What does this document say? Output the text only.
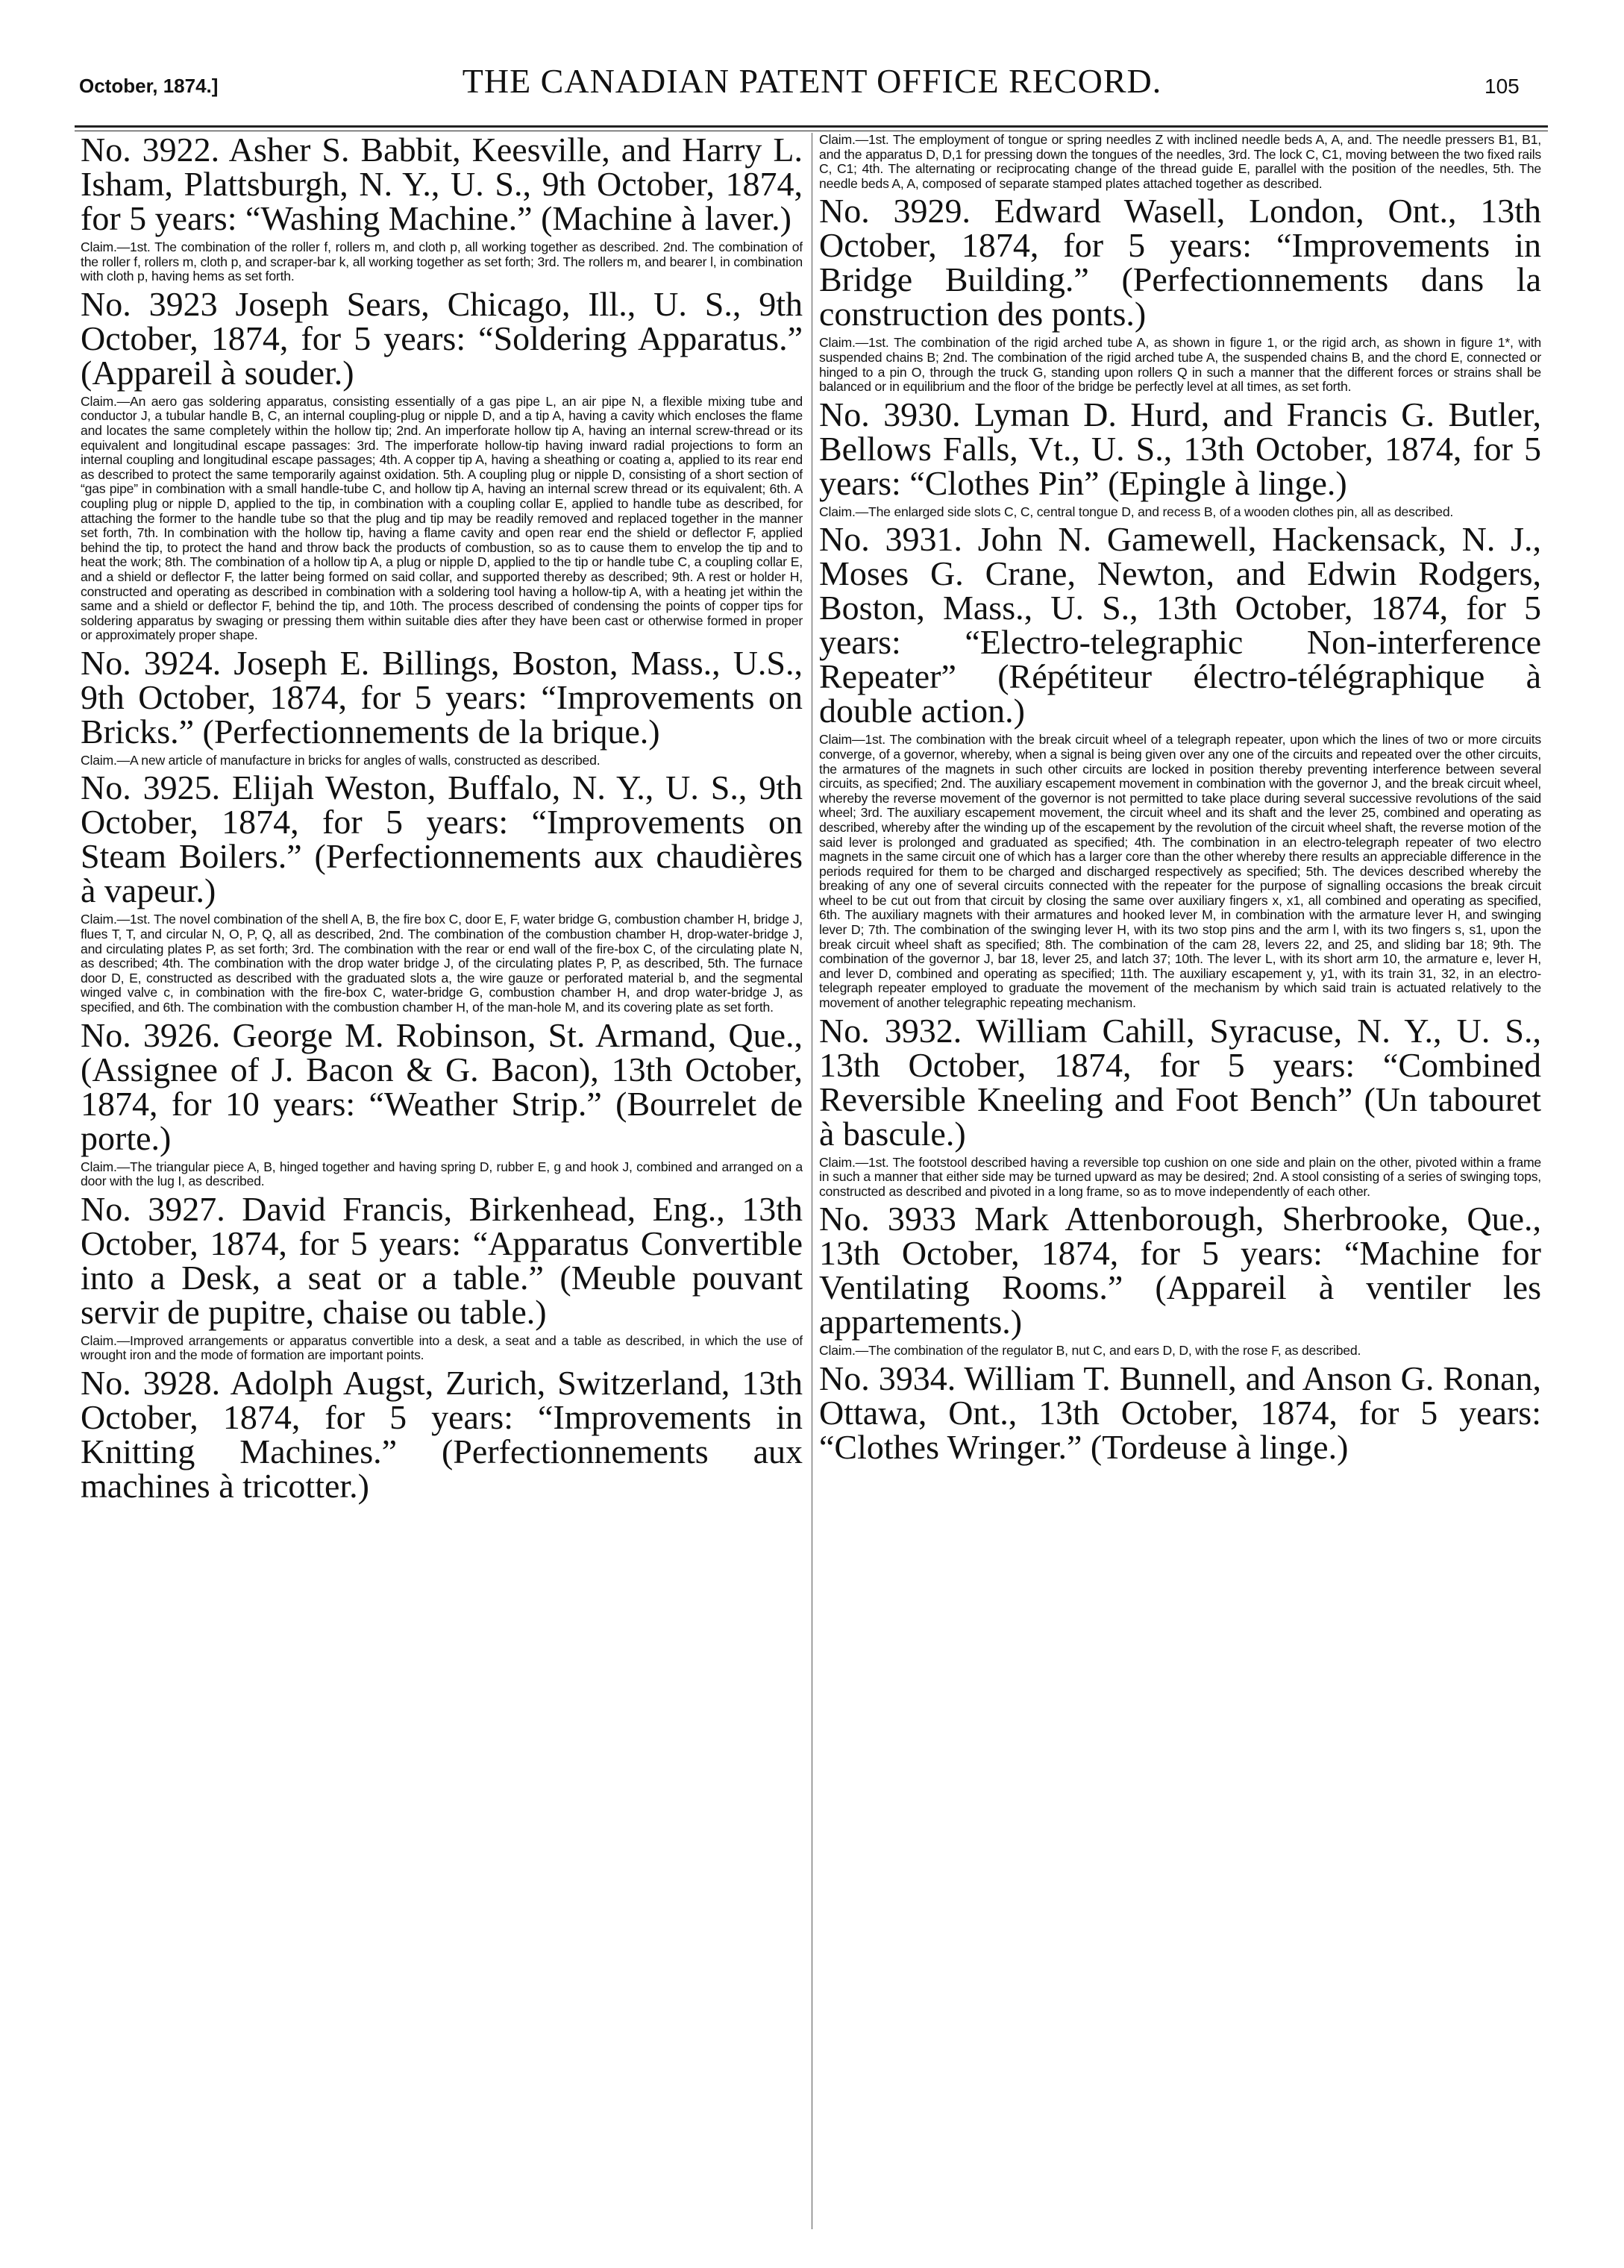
October, 1874.]	THE CANADIAN PATENT OFFICE RECORD.	105

No. 3922. Asher S. Babbit, Keesville, and Harry L. Isham, Plattsburgh, N. Y., U. S., 9th October, 1874, for 5 years: “Washing Machine.” (Machine à laver.)

Claim.—1st. The combination of the roller f, rollers m, and cloth p, all working together as described. 2nd. The combination of the roller f, rollers m, cloth p, and scraper-bar k, all working together as set forth; 3rd. The rollers m, and bearer l, in combination with cloth p, having hems as set forth.

No. 3923 Joseph Sears, Chicago, Ill., U. S., 9th October, 1874, for 5 years: “Soldering Apparatus.” (Appareil à souder.)

Claim.—An aero gas soldering apparatus, consisting essentially of a gas pipe L, an air pipe N, a flexible mixing tube and conductor J, a tubular handle B, C, an internal coupling-plug or nipple D, and a tip A, having a cavity which encloses the flame and locates the same completely within the hollow tip; 2nd. An imperforate hollow tip A, having an internal screw-thread or its equivalent and longitudinal escape passages: 3rd. The imperforate hollow-tip having inward radial projections to form an internal coupling and longitudinal escape passages; 4th. A copper tip A, having a sheathing or coating a, applied to its rear end as described to protect the same temporarily against oxidation. 5th. A coupling plug or nipple D, consisting of a short section of “gas pipe” in combination with a small handle-tube C, and hollow tip A, having an internal screw thread or its equivalent; 6th. A coupling plug or nipple D, applied to the tip, in combination with a coupling collar E, applied to handle tube as described, for attaching the former to the handle tube so that the plug and tip may be readily removed and replaced together in the manner set forth, 7th. In combination with the hollow tip, having a flame cavity and open rear end the shield or deflector F, applied behind the tip, to protect the hand and throw back the products of combustion, so as to cause them to envelop the tip and to heat the work; 8th. The combination of a hollow tip A, a plug or nipple D, applied to the tip or handle tube C, a coupling collar E, and a shield or deflector F, the latter being formed on said collar, and supported thereby as described; 9th. A rest or holder H, constructed and operating as described in combination with a soldering tool having a hollow-tip A, with a heating jet within the same and a shield or deflector F, behind the tip, and 10th. The process described of condensing the points of copper tips for soldering apparatus by swaging or pressing them within suitable dies after they have been cast or otherwise formed in proper or approximately proper shape.

No. 3924. Joseph E. Billings, Boston, Mass., U.S., 9th October, 1874, for 5 years: “Improvements on Bricks.” (Perfectionnements de la brique.)

Claim.—A new article of manufacture in bricks for angles of walls, constructed as described.

No. 3925. Elijah Weston, Buffalo, N. Y., U. S., 9th October, 1874, for 5 years: “Improvements on Steam Boilers.” (Perfectionnements aux chaudières à vapeur.)

Claim.—1st. The novel combination of the shell A, B, the fire box C, door E, F, water bridge G, combustion chamber H, bridge J, flues T, T, and circular N, O, P, Q, all as described, 2nd. The combination of the combustion chamber H, drop-water-bridge J, and circulating plates P, as set forth; 3rd. The combination with the rear or end wall of the fire-box C, of the circulating plate N, as described; 4th. The combination with the drop water bridge J, of the circulating plates P, P, as described, 5th. The furnace door D, E, constructed as described with the graduated slots a, the wire gauze or perforated material b, and the segmental winged valve c, in combination with the fire-box C, water-bridge G, combustion chamber H, and drop water-bridge J, as specified, and 6th. The combination with the combustion chamber H, of the man-hole M, and its covering plate as set forth.

No. 3926. George M. Robinson, St. Armand, Que., (Assignee of J. Bacon & G. Bacon), 13th October, 1874, for 10 years: “Weather Strip.” (Bourrelet de porte.)

Claim.—The triangular piece A, B, hinged together and having spring D, rubber E, g and hook J, combined and arranged on a door with the lug I, as described.

No. 3927. David Francis, Birkenhead, Eng., 13th October, 1874, for 5 years: “Apparatus Convertible into a Desk, a seat or a table.” (Meuble pouvant servir de pupitre, chaise ou table.)

Claim.—Improved arrangements or apparatus convertible into a desk, a seat and a table as described, in which the use of wrought iron and the mode of formation are important points.

No. 3928. Adolph Augst, Zurich, Switzerland, 13th October, 1874, for 5 years: “Improvements in Knitting Machines.” (Perfectionnements aux machines à tricotter.)

Claim.—1st. The employment of tongue or spring needles Z with inclined needle beds A, A, and. The needle pressers B1, B1, and the apparatus D, D,1 for pressing down the tongues of the needles, 3rd. The lock C, C1, moving between the two fixed rails C, C1; 4th. The alternating or reciprocating change of the thread guide E, parallel with the position of the needles, 5th. The needle beds A, A, composed of separate stamped plates attached together as described.

No. 3929. Edward Wasell, London, Ont., 13th October, 1874, for 5 years: “Improvements in Bridge Building.” (Perfectionnements dans la construction des ponts.)

Claim.—1st. The combination of the rigid arched tube A, as shown in figure 1, or the rigid arch, as shown in figure 1*, with suspended chains B; 2nd. The combination of the rigid arched tube A, the suspended chains B, and the chord E, connected or hinged to a pin O, through the truck G, standing upon rollers Q in such a manner that the different forces or strains shall be balanced or in equilibrium and the floor of the bridge be perfectly level at all times, as set forth.

No. 3930. Lyman D. Hurd, and Francis G. Butler, Bellows Falls, Vt., U. S., 13th October, 1874, for 5 years: “Clothes Pin” (Epingle à linge.)

Claim.—The enlarged side slots C, C, central tongue D, and recess B, of a wooden clothes pin, all as described.

No. 3931. John N. Gamewell, Hackensack, N. J., Moses G. Crane, Newton, and Edwin Rodgers, Boston, Mass., U. S., 13th October, 1874, for 5 years: “Electro-telegraphic Non-interference Repeater” (Répétiteur électro-télégraphique à double action.)

Claim—1st. The combination with the break circuit wheel of a telegraph repeater, upon which the lines of two or more circuits converge, of a governor, whereby, when a signal is being given over any one of the circuits and repeated over the other circuits, the armatures of the magnets in such other circuits are locked in position thereby preventing interference between several circuits, as specified; 2nd. The auxiliary escapement movement in combination with the governor J, and the break circuit wheel, whereby the reverse movement of the governor is not permitted to take place during several successive revolutions of the said wheel; 3rd. The auxiliary escapement movement, the circuit wheel and its shaft and the lever 25, combined and operating as described, whereby after the winding up of the escapement by the revolution of the circuit wheel shaft, the reverse motion of the said lever is prolonged and graduated as specified; 4th. The combination in an electro-telegraph repeater of two electro magnets in the same circuit one of which has a larger core than the other whereby there results an appreciable difference in the periods required for them to be charged and discharged respectively as specified; 5th. The devices described whereby the breaking of any one of several circuits connected with the repeater for the purpose of signalling occasions the break circuit wheel to be cut out from that circuit by closing the same over auxiliary fingers x, x1, all combined and operating as specified, 6th. The auxiliary magnets with their armatures and hooked lever M, in combination with the armature lever H, and swinging lever D; 7th. The combination of the swinging lever H, with its two stop pins and the arm l, with its two fingers s, s1, upon the break circuit wheel shaft as specified; 8th. The combination of the cam 28, levers 22, and 25, and sliding bar 18; 9th. The combination of the governor J, bar 18, lever 25, and latch 37; 10th. The lever L, with its short arm 10, the armature e, lever H, and lever D, combined and operating as specified; 11th. The auxiliary escapement y, y1, with its train 31, 32, in an electro-telegraph repeater employed to graduate the movement of the mechanism by which said train is actuated relatively to the movement of another telegraphic repeating mechanism.

No. 3932. William Cahill, Syracuse, N. Y., U. S., 13th October, 1874, for 5 years: “Combined Reversible Kneeling and Foot Bench” (Un tabouret à bascule.)

Claim.—1st. The footstool described having a reversible top cushion on one side and plain on the other, pivoted within a frame in such a manner that either side may be turned upward as may be desired; 2nd. A stool consisting of a series of swinging tops, constructed as described and pivoted in a long frame, so as to move independently of each other.

No. 3933 Mark Attenborough, Sherbrooke, Que., 13th October, 1874, for 5 years: “Machine for Ventilating Rooms.” (Appareil à ventiler les appartements.)

Claim.—The combination of the regulator B, nut C, and ears D, D, with the rose F, as described.

No. 3934. William T. Bunnell, and Anson G. Ronan, Ottawa, Ont., 13th October, 1874, for 5 years: “Clothes Wringer.” (Tordeuse à linge.)
